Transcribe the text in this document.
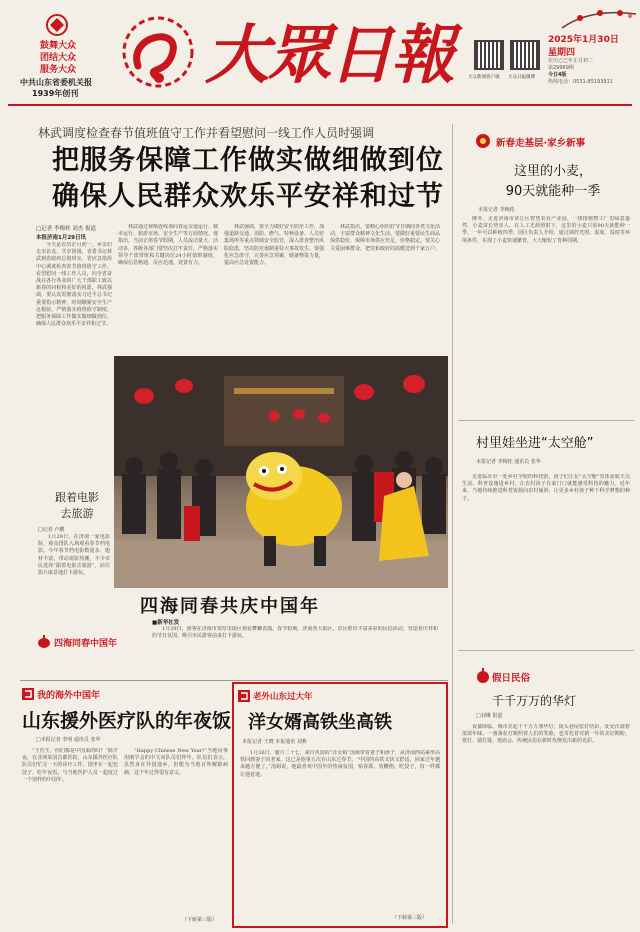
鼓舞大众
团结大众
服务大众
中共山东省委机关报
1939年创刊
大眾日報	大众新闻客户端 大众日报微博
2025年1月30日
星期四
农历乙巳年正月初二
第29969期
今日4版
热线电话：0531-85193911
林武调度检查春节值班值守工作并看望慰问一线工作人员时强调
把服务保障工作做实做细做到位
确保人民群众欢乐平安祥和过节
□记者 李梅桂 刘杰 报道
本报济南1月29日讯

今天是农历正月初一，乡亲们走亲访友、共享团圆，省委书记林武到省政府总值班室、省应急指挥中心调度检查春节值班值守工作，看望慰问一线工作人员，向全省奋战在各行各业的广大干部职工致以新春的问候和美好的祝愿。林武强调，要认真贯彻落实习近平总书记重要指示精神，时刻绷紧安全生产这根弦，严格落实值班值守制度，把服务保障工作做实做细做到位，确保人民群众欢乐平安祥和过节。

林武通过视频连线询问春运交通运行、城市运行、旅游市场、安全生产等方面情况。他指出，当前正值春节假期，人员流动量大、活动多，各级各部门要坚决扛牢责任，严格落实领导干部带班和关键岗位24小时值班制度，确保信息畅通、反应迅速、处置有力。

林武强调，要全力做好安全防范工作，加强道路交通、消防、燃气、特种设备、人员密集场所等重点领域安全监管，深入排查整治风险隐患，坚决防范遏制重特大事故发生。要强化应急值守，完善应急预案，储备物资力量，提高应急处置能力。

林武指出，要精心组织好节日期间各类文化活动，丰富群众精神文化生活。要做好重要民生商品保供稳价，保障市场供应充足、价格稳定。要关心关爱困难群众，把党和政府的温暖送到千家万户。

跟着电影
去旅游
□记者 卢鹏

1月29日，在济南一家电影院，观众排队入场观看春节档电影。今年春节档电影数量多、题材丰富，带动观影热潮，不少市民选择“跟着电影去旅游”，前往影片取景地打卡游玩。

四海同春共庆中国年
■新华社发

1月29日，游客在济南市宽厚里街区观看舞狮表演。春节假期，济南各大街区、景区推出丰富多彩的民俗活动，营造喜庆祥和的节日氛围，吸引市民游客前来打卡游玩。

四海同春中国年
新春走基层·家乡新事
这里的小麦，
90天就能种一季
本报记者 李梅桂

隆冬，走进济南市章丘区智慧农业产业园，一排排植物工厂里绿意盎然，小麦苗长势喜人。在人工光源照射下，这里的小麦只需90天就能种一季，一年可以种植四季。园区负责人介绍，通过调控光照、温度、湿度等环境条件，实现了小麦快速繁育，大大缩短了育种周期。

村里娃坐进“太空舱”
本报记者 李梅桂 通讯员 张华

走进临沂市一处乡村学校的科技馆，孩子们正在“太空舱”里体验航天员生活。科普设施进乡村，让农村孩子在家门口就能感受科技的魅力。近年来，当地持续推进科普资源向农村倾斜，让更多乡村孩子种下科学梦想的种子。

假日民俗
千千万万的华灯
□刘琳 报道

夜幕降临，城市亮起千千万万盏华灯，街头巷尾张灯结彩，处处洋溢着浓浓年味。一盏盏花灯映照着人们的笑脸，也寄托着对新一年的美好期盼。赏灯、猜灯谜、逛庙会，传统民俗在新时代焕发出新的光彩。

我的海外中国年
山东援外医疗队的年夜饭
□本报记者 李明 通讯员 张华

“王医生，你们都是中国来的吗？”除夕夜，在非洲某国首都医院，山东援外医疗队队员们忙完一天的诊疗工作，围坐在一起包饺子、吃年夜饭，与当地医护人员一起度过一个别样的中国年。

“Happy Chinese New Year!”当地同事用刚学会的中文向队员们拜年。队员们表示，虽然身在异国他乡，但能为当地百姓解除病痛，这个年过得很有意义。

（下转第三版）
老外山东过大年
洋女婿高铁坐高铁
本报记者 王晓 本报通讯 刘燕

1月26日，腊月二十七，来自英国的“洋女婿”汤姆带着妻子和孩子，从济南西站乘坐高铁回到妻子的老家。这已是他第五次在山东过春节。“中国的高铁又快又舒适，回家过年越来越方便了。”汤姆说，他最喜欢中国年的热闹氛围，贴春联、放鞭炮、吃饺子，每一样都让他着迷。

（下转第三版）
